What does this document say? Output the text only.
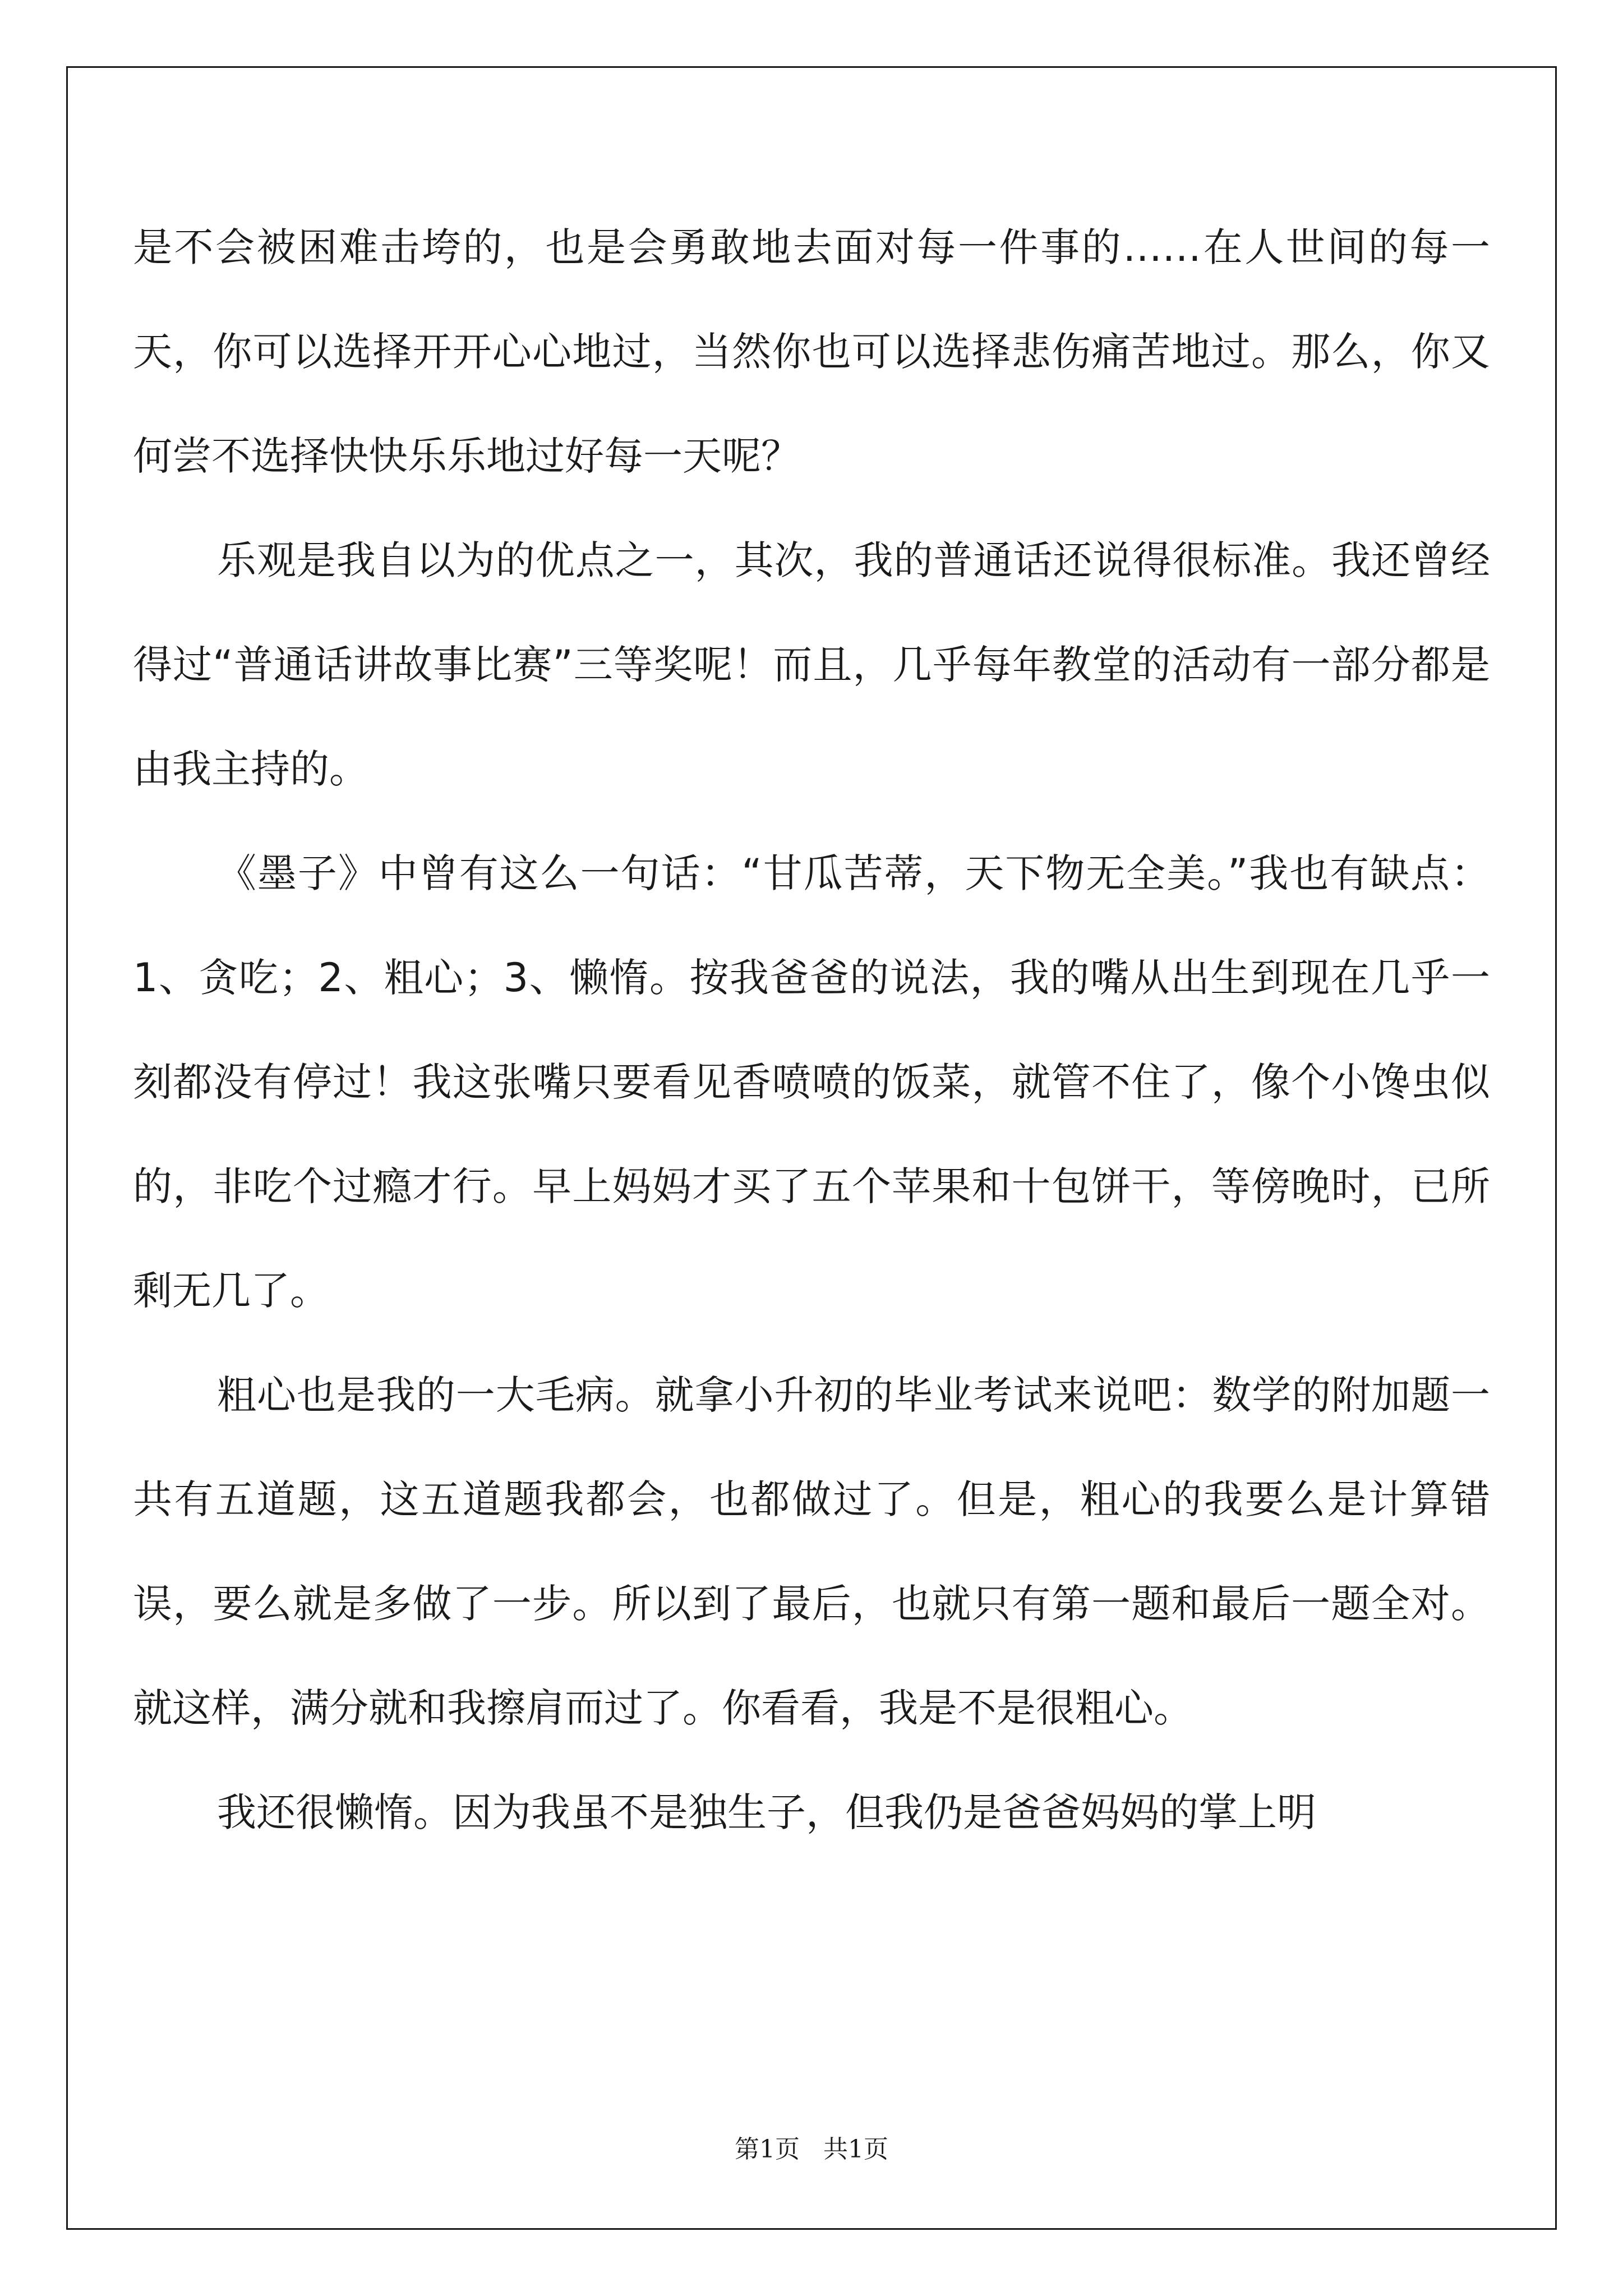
是不会被困难击垮的，也是会勇敢地去面对每一件事的……在人世间的每一天，你可以选择开开心心地过，当然你也可以选择悲伤痛苦地过。那么，你又何尝不选择快快乐乐地过好每一天呢？

乐观是我自以为的优点之一，其次，我的普通话还说得很标准。我还曾经得过“普通话讲故事比赛”三等奖呢！而且，几乎每年教堂的活动有一部分都是由我主持的。

《墨子》中曾有这么一句话：“甘瓜苦蒂，天下物无全美。”我也有缺点：1、贪吃；2、粗心；3、懒惰。按我爸爸的说法，我的嘴从出生到现在几乎一刻都没有停过！我这张嘴只要看见香喷喷的饭菜，就管不住了，像个小馋虫似的，非吃个过瘾才行。早上妈妈才买了五个苹果和十包饼干，等傍晚时，已所剩无几了。

粗心也是我的一大毛病。就拿小升初的毕业考试来说吧：数学的附加题一共有五道题，这五道题我都会，也都做过了。但是，粗心的我要么是计算错误，要么就是多做了一步。所以到了最后，也就只有第一题和最后一题全对。就这样，满分就和我擦肩而过了。你看看，我是不是很粗心。

我还很懒惰。因为我虽不是独生子，但我仍是爸爸妈妈的掌上明

第1页   共1页
